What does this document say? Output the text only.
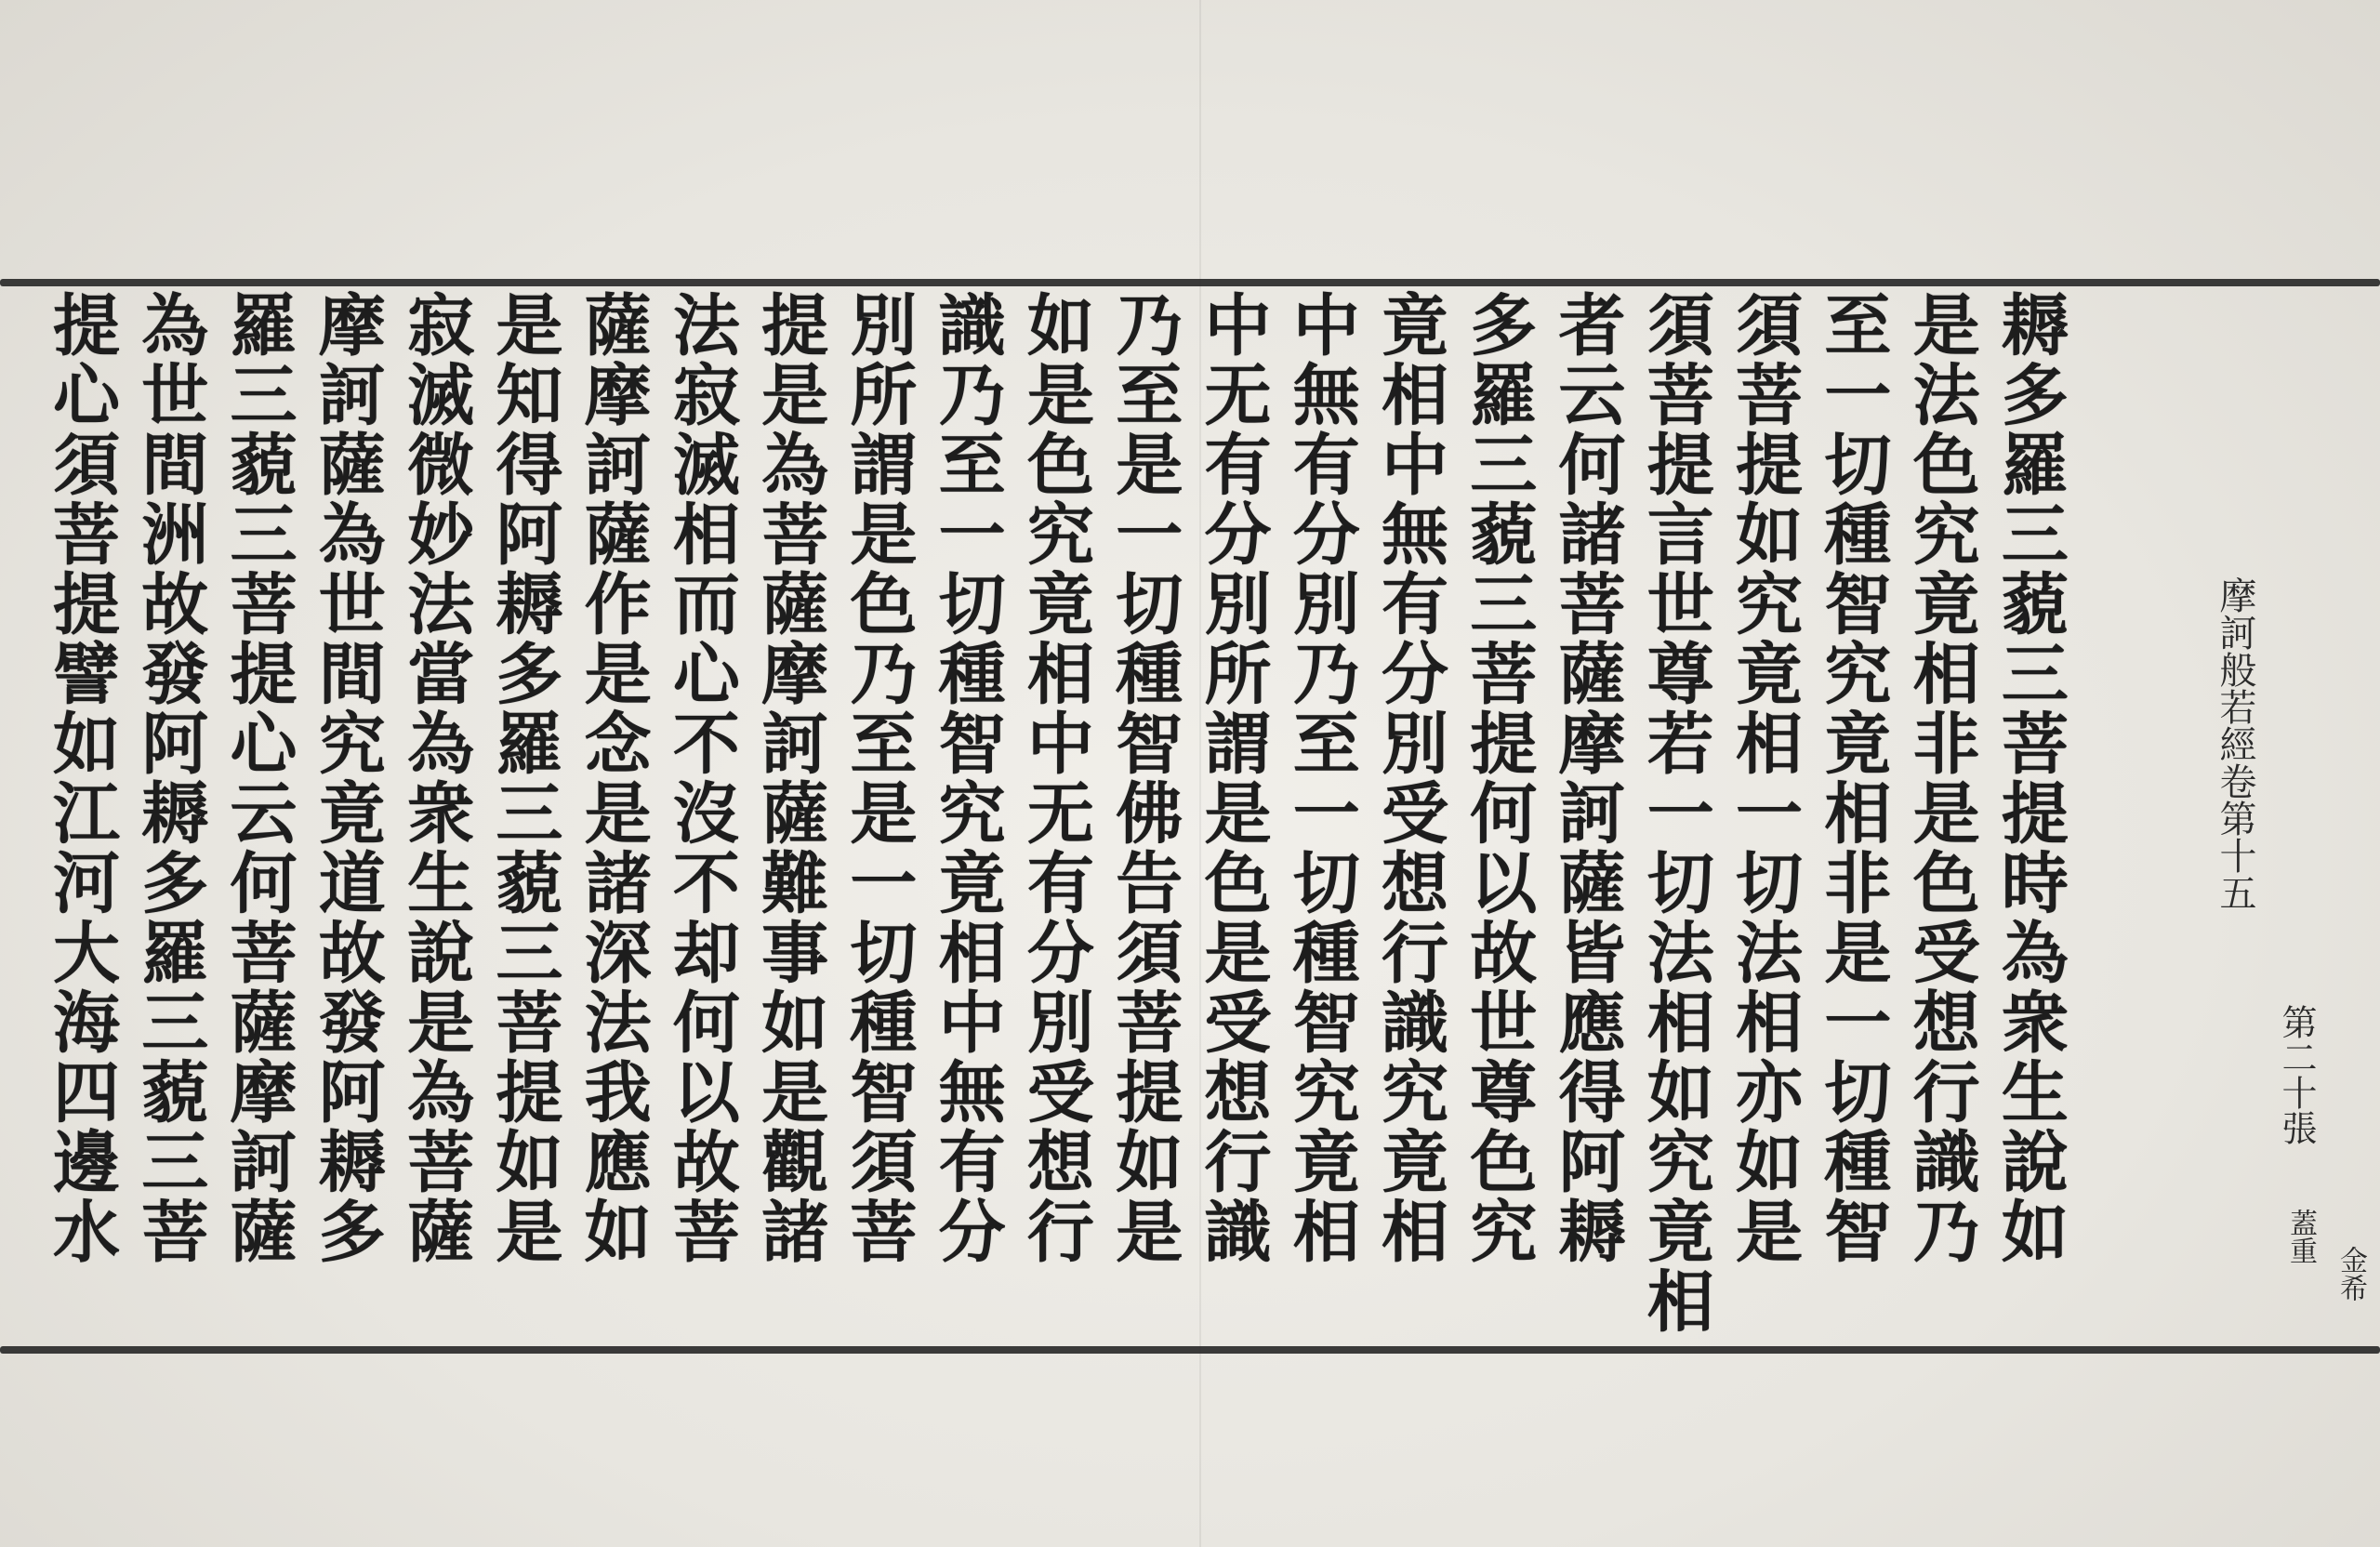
摩訶般若經卷第十五
第二十張
蓋重
金希
耨多羅三藐三菩提時為衆生說如
是法色究竟相非是色受想行識乃
至一切種智究竟相非是一切種智
須菩提如究竟相一切法相亦如是
須菩提言世尊若一切法相如究竟相
者云何諸菩薩摩訶薩皆應得阿耨
多羅三藐三菩提何以故世尊色究
竟相中無有分別受想行識究竟相
中無有分別乃至一切種智究竟相
中无有分別所謂是色是受想行識
乃至是一切種智佛告須菩提如是
如是色究竟相中无有分別受想行
識乃至一切種智究竟相中無有分
別所謂是色乃至是一切種智須菩
提是為菩薩摩訶薩難事如是觀諸
法寂滅相而心不沒不却何以故菩
薩摩訶薩作是念是諸深法我應如
是知得阿耨多羅三藐三菩提如是
寂滅微妙法當為衆生說是為菩薩
摩訶薩為世間究竟道故發阿耨多
羅三藐三菩提心云何菩薩摩訶薩
為世間洲故發阿耨多羅三藐三菩
提心須菩提譬如江河大海四邊水
